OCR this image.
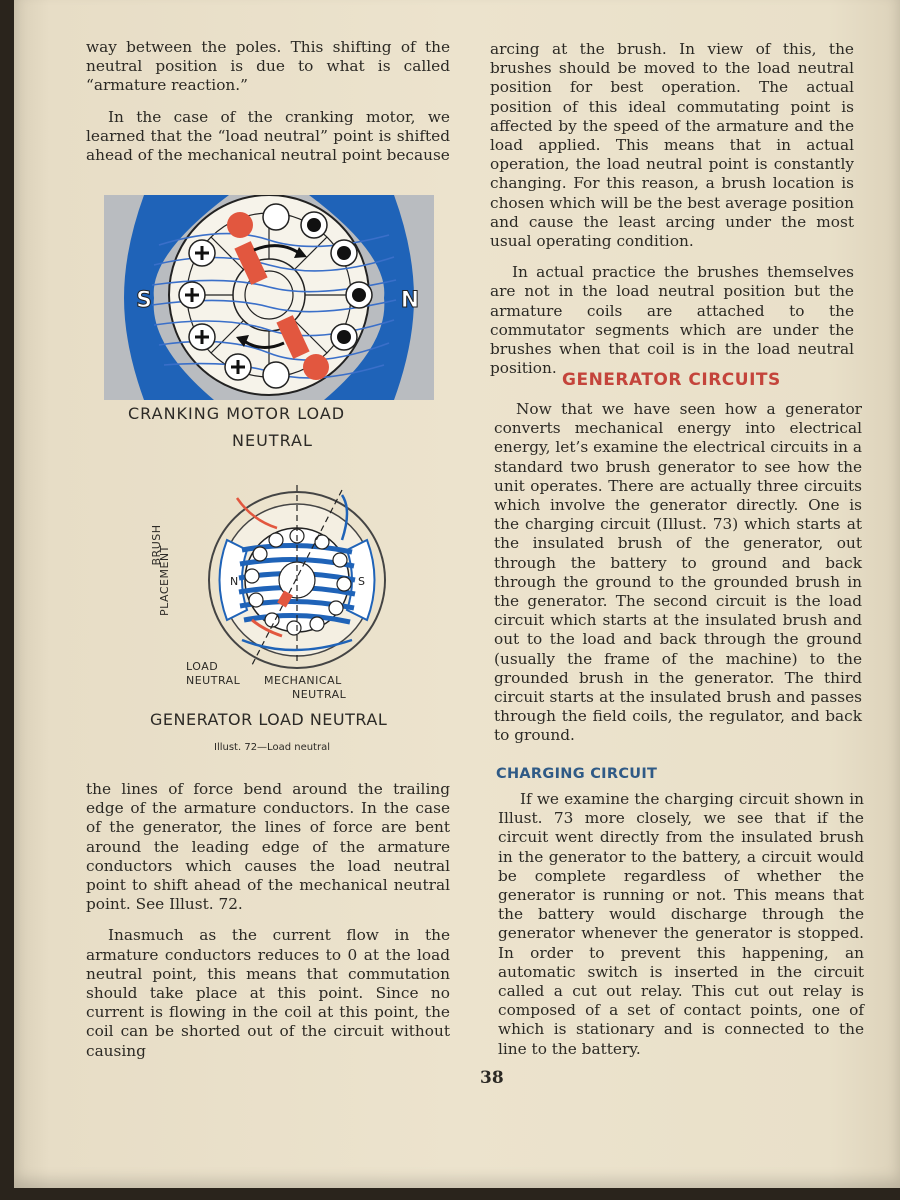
way between the poles. This shifting of the neutral position is due to what is called “armature reaction.”

In the case of the cranking motor, we learned that the “load neutral” point is shifted ahead of the mechanical neutral point because

S	N
CRANKING MOTOR LOAD
NEUTRAL
BRUSH
PLACEMENT	N	S
LOAD
NEUTRAL MECHANICAL
NEUTRAL
GENERATOR LOAD NEUTRAL
Illust. 72—Load neutral

the lines of force bend around the trailing edge of the armature conductors. In the case of the generator, the lines of force are bent around the leading edge of the armature conductors which causes the load neutral point to shift ahead of the mechanical neutral point. See Illust. 72.

Inasmuch as the current flow in the armature conductors reduces to 0 at the load neutral point, this means that commutation should take place at this point. Since no current is flowing in the coil at this point, the coil can be shorted out of the circuit without causing

arcing at the brush. In view of this, the brushes should be moved to the load neutral position for best operation. The actual position of this ideal commutating point is affected by the speed of the armature and the load applied. This means that in actual operation, the load neutral point is constantly changing. For this reason, a brush location is chosen which will be the best average position and cause the least arcing under the most usual operating condition.

In actual practice the brushes themselves are not in the load neutral position but the armature coils are attached to the commutator segments which are under the brushes when that coil is in the load neutral position.

GENERATOR CIRCUITS

Now that we have seen how a generator converts mechanical energy into electrical energy, let’s examine the electrical circuits in a standard two brush generator to see how the unit operates. There are actually three circuits which involve the generator directly. One is the charging circuit (Illust. 73) which starts at the insulated brush of the generator, out through the battery to ground and back through the ground to the grounded brush in the generator. The second circuit is the load circuit which starts at the insulated brush and out to the load and back through the ground (usually the frame of the machine) to the grounded brush in the generator. The third circuit starts at the insulated brush and passes through the field coils, the regulator, and back to ground.

CHARGING CIRCUIT

If we examine the charging circuit shown in Illust. 73 more closely, we see that if the circuit went directly from the insulated brush in the generator to the battery, a circuit would be complete regardless of whether the generator is running or not. This means that the battery would discharge through the generator whenever the generator is stopped. In order to prevent this happening, an automatic switch is inserted in the circuit called a cut out relay. This cut out relay is composed of a set of contact points, one of which is stationary and is connected to the line to the battery.

38
